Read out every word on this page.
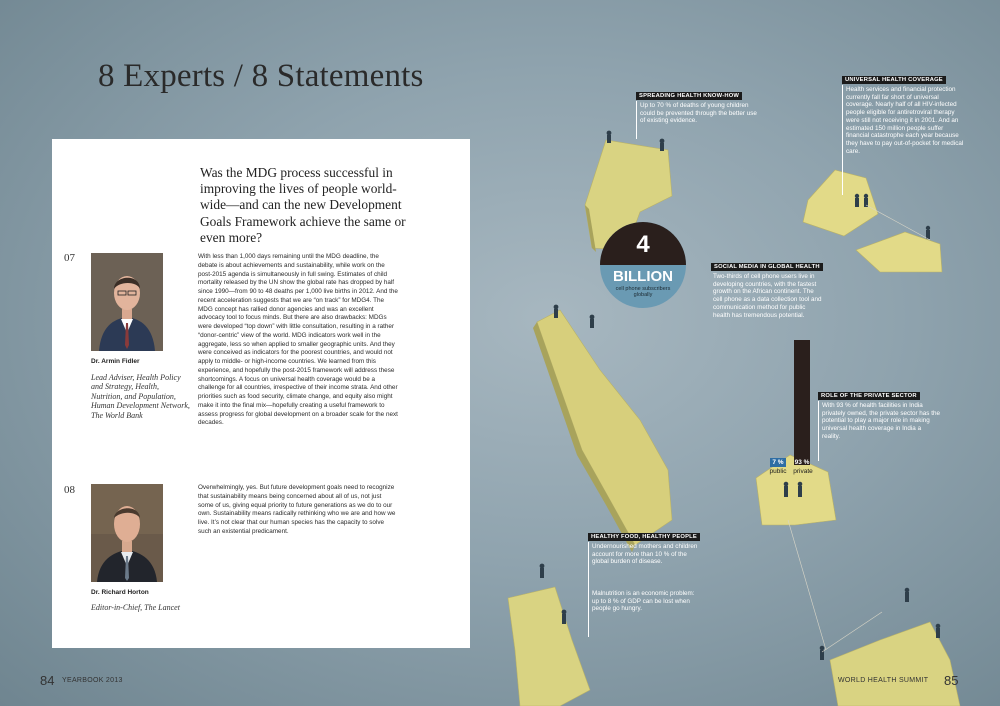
8 Experts / 8 Statements
Was the MDG process successful in improving the lives of people world-wide—and can the new Development Goals Framework achieve the same or even more?
07
Dr. Armin Fidler
Lead Adviser, Health Policy and Strategy, Health, Nutrition, and Population, Human Development Network, The World Bank
With less than 1,000 days remaining until the MDG deadline, the debate is about achievements and sustainability, while work on the post-2015 agenda is simultaneously in full swing. Estimates of child mortality released by the UN show the global rate has dropped by half since 1990—from 90 to 48 deaths per 1,000 live births in 2012. And the recent acceleration suggests that we are “on track” for MDG4. The MDG concept has rallied donor agencies and was an excellent advocacy tool to focus minds. But there are also drawbacks: MDGs were developed “top down” with little consultation, resulting in a rather “donor-centric” view of the world. MDG indicators work well in the aggregate, less so when applied to smaller geographic units. And they were conceived as indicators for the poorest countries, and would not apply to middle- or high-income countries. We learned from this experience, and hopefully the post-2015 framework will address these shortcomings. A focus on universal health coverage would be a challenge for all countries, irrespective of their income strata. And other priorities such as food security, climate change, and equity also might make it into the final mix—hopefully creating a useful framework to assess progress for global development on a broader scale for the next decades.
08
Dr. Richard Horton
Editor-in-Chief, The Lancet
Overwhelmingly, yes. But future development goals need to recognize that sustainability means being concerned about all of us, not just some of us, giving equal priority to future generations as we do to our own. Sustainability means radically rethinking who we are and how we live. It’s not clear that our human species has the capacity to solve such an existential predicament.
84 YEARBOOK 2013	WORLD HEALTH SUMMIT 85
SPREADING HEALTH KNOW-HOW
Up to 70 % of deaths of young children could be prevented through the better use of existing evidence.
UNIVERSAL HEALTH COVERAGE
Health services and financial protection currently fall far short of universal coverage. Nearly half of all HIV-infected people eligible for antiretroviral therapy were still not receiving it in 2001. And an estimated 150 million people suffer financial catastrophe each year because they have to pay out-of-pocket for medical care.
SOCIAL MEDIA IN GLOBAL HEALTH
Two-thirds of cell phone users live in developing countries, with the fastest growth on the African continent. The cell phone as a data collection tool and communication method for public health has tremendous potential.
ROLE OF THE PRIVATE SECTOR
With 93 % of health facilities in India privately owned, the private sector has the potential to play a major role in making universal health coverage in India a reality.
HEALTHY FOOD, HEALTHY PEOPLE
Undernourished mothers and children account for more than 10 % of the global burden of disease.
Malnutrition is an economic problem: up to 8 % of GDP can be lost when people go hungry.
4
BILLION
cell phone subscribers globally
7 %	93 %
public	private
